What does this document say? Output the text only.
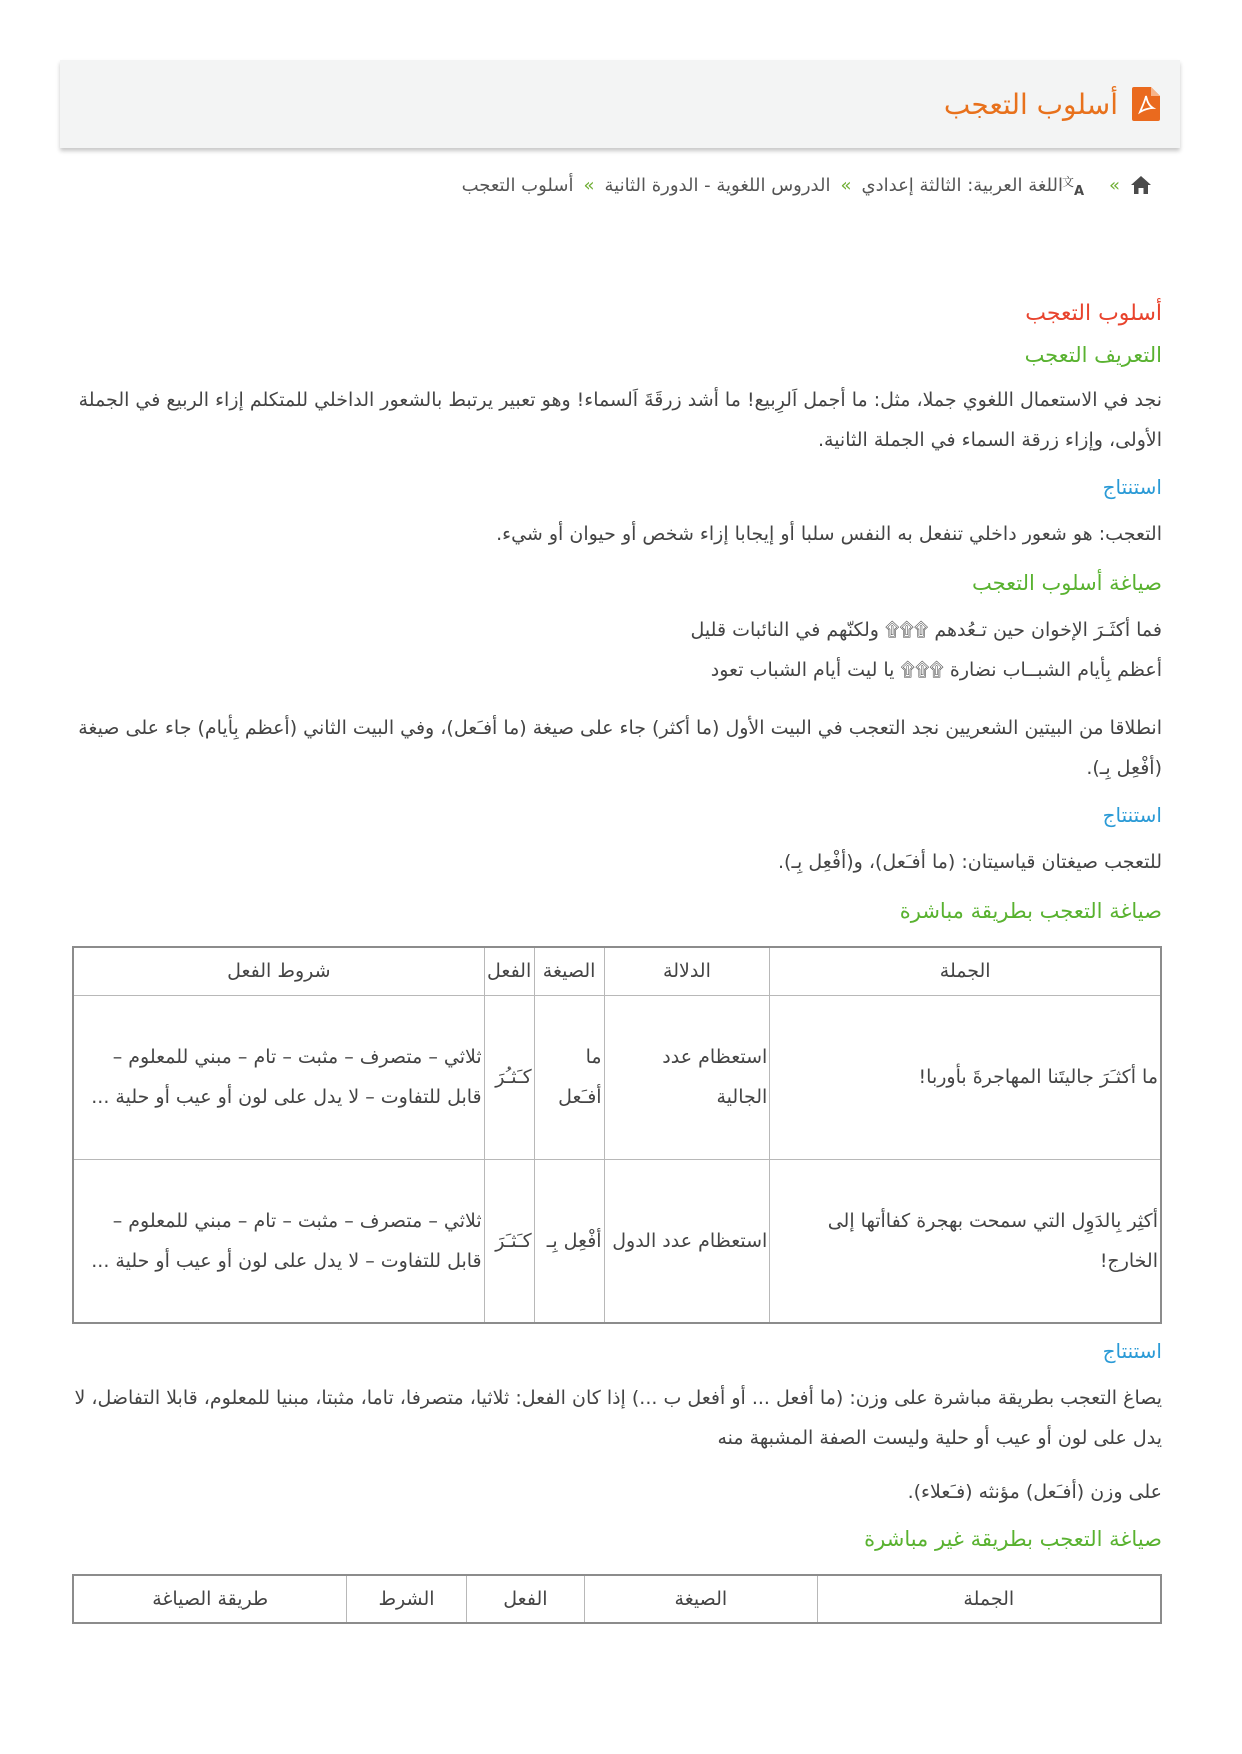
أسلوب التعجب
»
文
A
اللغة العربية: الثالثة إعدادي
»
الدروس اللغوية - الدورة الثانية
»
أسلوب التعجب
أسلوب التعجب
التعريف التعجب

نجد في الاستعمال اللغوي جملا، مثل: ما أجمل اَلرِبيع! ما أشد زرقَةَ اَلسماء! وهو تعبير يرتبط بالشعور الداخلي للمتكلم إزاء الربيع في الجملة الأولى، وإزاء زرقة السماء في الجملة الثانية.

استنتاج

التعجب: هو شعور داخلي تنفعل به النفس سلبا أو إيجابا إزاء شخص أو حيوان أو شيء.

صياغة أسلوب التعجب

فما أكثَـرَ الإخوان حين تـعُدهم ۩۩۩ ولكنّهم في النائبات قليل

أعظم بِأيام الشبــاب نضارة ۩۩۩ يا ليت أيام الشباب تعود

انطلاقا من البيتين الشعريين نجد التعجب في البيت الأول (ما أكثر) جاء على صيغة (ما أفـَعل)، وفي البيت الثاني (أعظم بِأيام) جاء على صيغة (أفْعِل بِـ).

استنتاج

للتعجب صيغتان قياسيتان: (ما أفـَعل)، و(أفْعِل بِـ).

صياغة التعجب بطريقة مباشرة
الجملة	الدلالة	الصيغة	الفعل	شروط الفعل
ما أكثـَرَ جاليتَنا المهاجرةَ بأوربا!	استعظام عدد الجالية	ما أفـَعل	كـَثـُرَ	ثلاثي – متصرف – مثبت – تام – مبني للمعلوم – قابل للتفاوت – لا يدل على لون أو عيب أو حلية ...
أكثِر بِالدَوِل التي سمحت بهجرة كفاأتها إلى الخارج!	استعظام عدد الدول	أفْعِل بِـ	كـَثـَرَ	ثلاثي – متصرف – مثبت – تام – مبني للمعلوم – قابل للتفاوت – لا يدل على لون أو عيب أو حلية ...
استنتاج

يصاغ التعجب بطريقة مباشرة على وزن: (ما أفعل ... أو أفعل ب ...) إذا كان الفعل: ثلاثيا، متصرفا، تاما، مثبتا، مبنيا للمعلوم، قابلا التفاضل، لا يدل على لون أو عيب أو حلية وليست الصفة المشبهة منه

على وزن (أفـَعل) مؤنثه (فـَعلاء).

صياغة التعجب بطريقة غير مباشرة
الجملة	الصيغة	الفعل	الشرط	طريقة الصياغة
